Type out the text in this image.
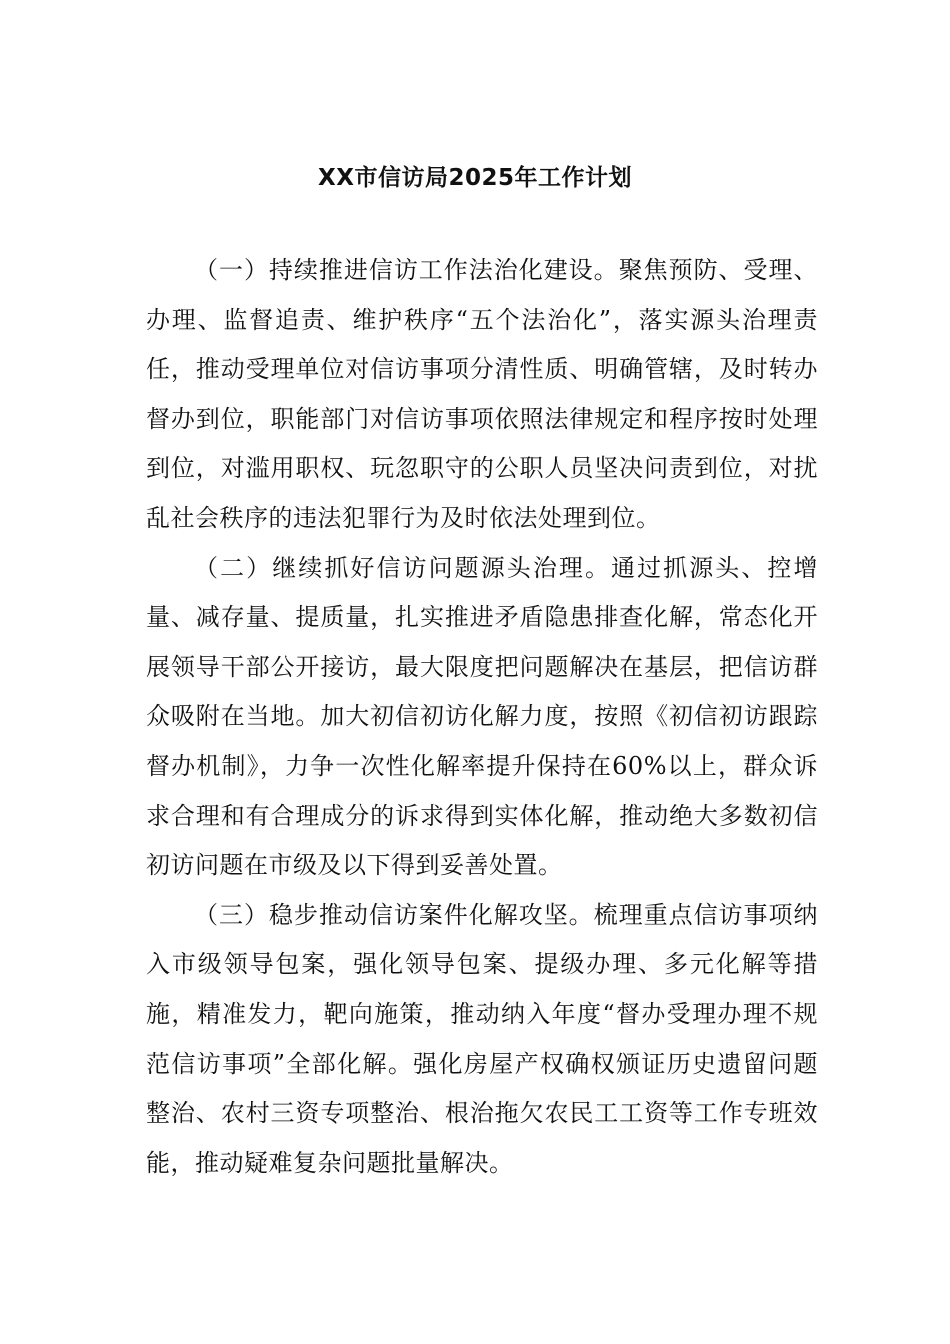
XX市信访局2025年工作计划

（一）持续推进信访工作法治化建设。聚焦预防、受理、办理、监督追责、维护秩序“五个法治化”，落实源头治理责任，推动受理单位对信访事项分清性质、明确管辖，及时转办督办到位，职能部门对信访事项依照法律规定和程序按时处理到位，对滥用职权、玩忽职守的公职人员坚决问责到位，对扰乱社会秩序的违法犯罪行为及时依法处理到位。

（二）继续抓好信访问题源头治理。通过抓源头、控增量、减存量、提质量，扎实推进矛盾隐患排查化解，常态化开展领导干部公开接访，最大限度把问题解决在基层，把信访群众吸附在当地。加大初信初访化解力度，按照《初信初访跟踪督办机制》，力争一次性化解率提升保持在60%以上，群众诉求合理和有合理成分的诉求得到实体化解，推动绝大多数初信初访问题在市级及以下得到妥善处置。

（三）稳步推动信访案件化解攻坚。梳理重点信访事项纳入市级领导包案，强化领导包案、提级办理、多元化解等措施，精准发力，靶向施策，推动纳入年度“督办受理办理不规范信访事项”全部化解。强化房屋产权确权颁证历史遗留问题整治、农村三资专项整治、根治拖欠农民工工资等工作专班效能，推动疑难复杂问题批量解决。
